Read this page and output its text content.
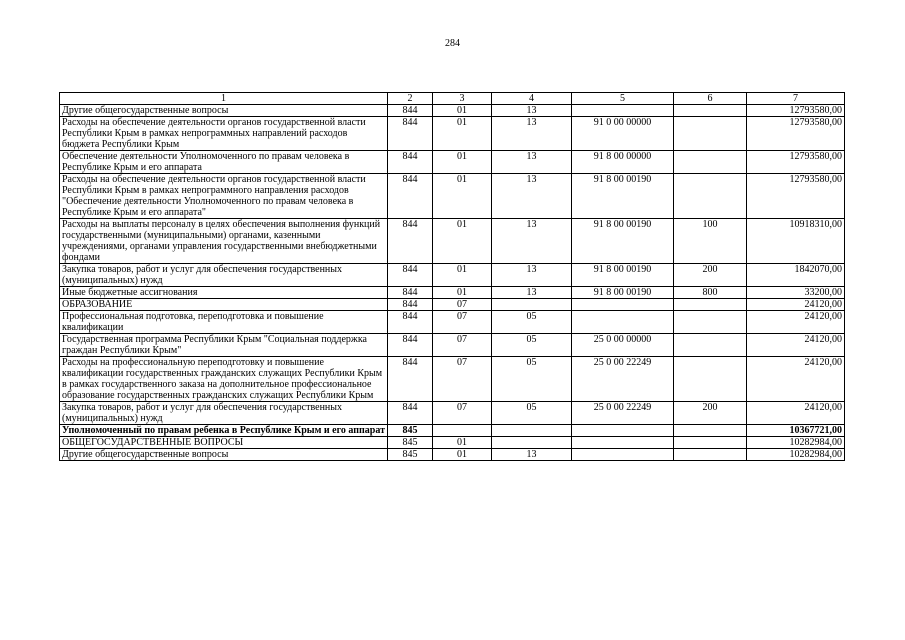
284
1	2	3	4	5	6	7
Другие общегосударственные вопросы	844	01	13			12793580,00
Расходы на обеспечение деятельности органов государственной власти Республики Крым в рамках непрограммных направлений расходов бюджета Республики Крым	844	01	13	91 0 00 00000		12793580,00
Обеспечение деятельности Уполномоченного по правам человека в Республике Крым и его аппарата	844	01	13	91 8 00 00000		12793580,00
Расходы на обеспечение деятельности органов государственной власти Республики Крым в рамках непрограммного направления расходов "Обеспечение деятельности Уполномоченного по правам человека в Республике Крым и его аппарата"	844	01	13	91 8 00 00190		12793580,00
Расходы на выплаты персоналу в целях обеспечения выполнения функций государственными (муниципальными) органами, казенными учреждениями, органами управления государственными внебюджетными фондами	844	01	13	91 8 00 00190	100	10918310,00
Закупка товаров, работ и услуг для обеспечения государственных (муниципальных) нужд	844	01	13	91 8 00 00190	200	1842070,00
Иные бюджетные ассигнования	844	01	13	91 8 00 00190	800	33200,00
ОБРАЗОВАНИЕ	844	07				24120,00
Профессиональная подготовка, переподготовка и повышение квалификации	844	07	05			24120,00
Государственная программа Республики Крым "Социальная поддержка граждан Республики Крым"	844	07	05	25 0 00 00000		24120,00
Расходы на профессиональную переподготовку и повышение квалификации государственных гражданских служащих Республики Крым в рамках государственного заказа на дополнительное профессиональное образование государственных гражданских служащих Республики Крым	844	07	05	25 0 00 22249		24120,00
Закупка товаров, работ и услуг для обеспечения государственных (муниципальных) нужд	844	07	05	25 0 00 22249	200	24120,00
Уполномоченный по правам ребенка в Республике Крым и его аппарат	845					10367721,00
ОБЩЕГОСУДАРСТВЕННЫЕ ВОПРОСЫ	845	01				10282984,00
Другие общегосударственные вопросы	845	01	13			10282984,00
